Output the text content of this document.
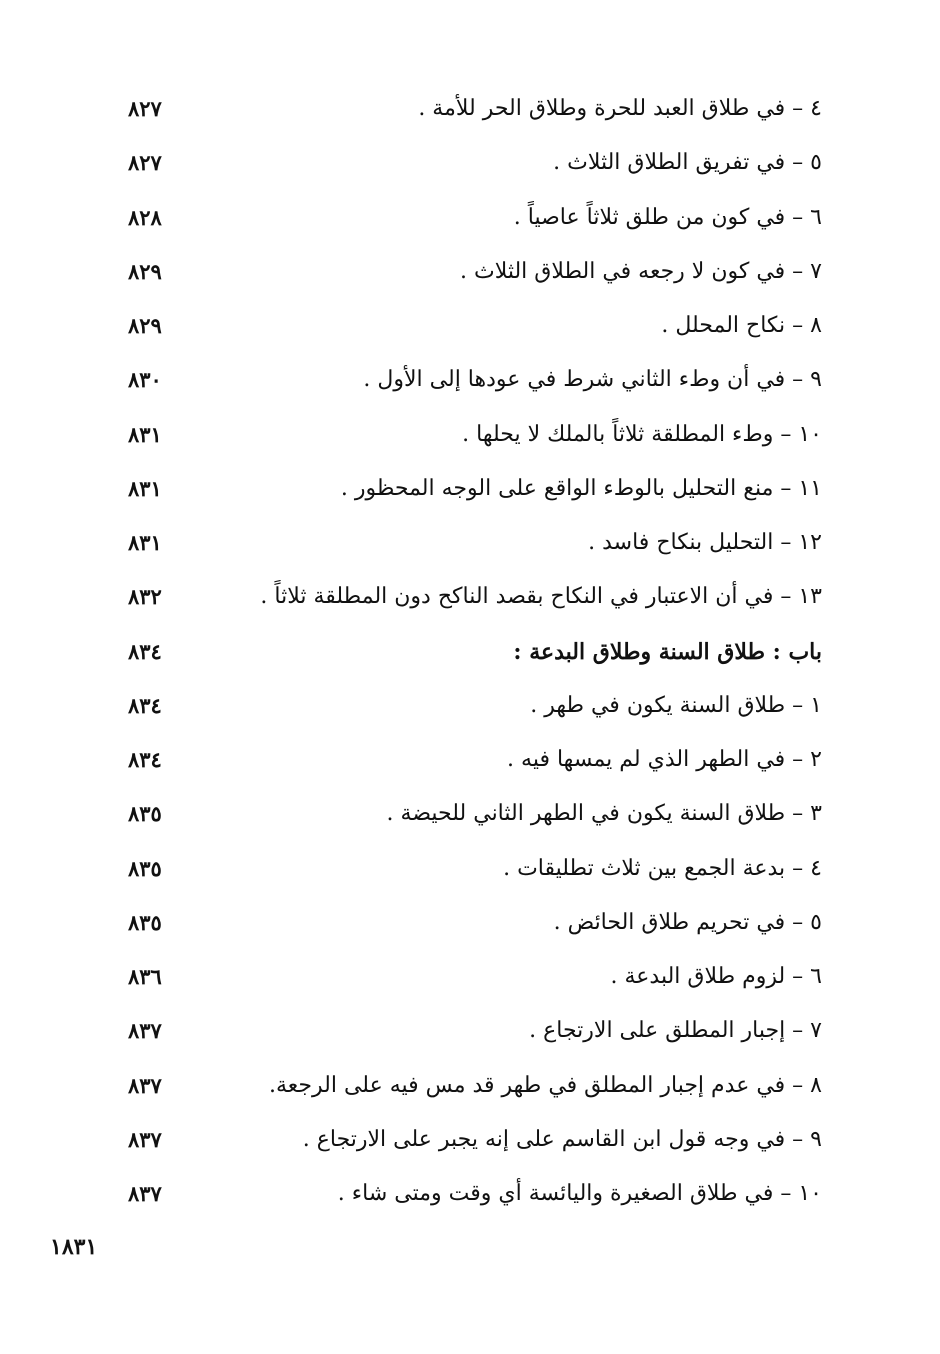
٤ – في طلاق العبد للحرة وطلاق الحر للأمة .
٨٢٧
٥ – في تفريق الطلاق الثلاث .
٨٢٧
٦ – في كون من طلق ثلاثاً عاصياً .
٨٢٨
٧ – في كون لا رجعه في الطلاق الثلاث .
٨٢٩
٨ – نكاح المحلل .
٨٢٩
٩ – في أن وطء الثاني شرط في عودها إلى الأول .
٨٣٠
١٠ – وطء المطلقة ثلاثاً بالملك لا يحلها .
٨٣١
١١ – منع التحليل بالوطء الواقع على الوجه المحظور .
٨٣١
١٢ – التحليل بنكاح فاسد .
٨٣١
١٣ – في أن الاعتبار في النكاح بقصد الناكح دون المطلقة ثلاثاً .
٨٣٢
باب : طلاق السنة وطلاق البدعة :
٨٣٤
١ – طلاق السنة يكون في طهر .
٨٣٤
٢ – في الطهر الذي لم يمسها فيه .
٨٣٤
٣ – طلاق السنة يكون في الطهر الثاني للحيضة .
٨٣٥
٤ – بدعة الجمع بين ثلاث تطليقات .
٨٣٥
٥ – في تحريم طلاق الحائض .
٨٣٥
٦ – لزوم طلاق البدعة .
٨٣٦
٧ – إجبار المطلق على الارتجاع .
٨٣٧
٨ – في عدم إجبار المطلق في طهر قد مس فيه على الرجعة.
٨٣٧
٩ – في وجه قول ابن القاسم على إنه يجبر على الارتجاع .
٨٣٧
١٠ – في طلاق الصغيرة واليائسة أي وقت ومتى شاء .
٨٣٧
١٨٣١
